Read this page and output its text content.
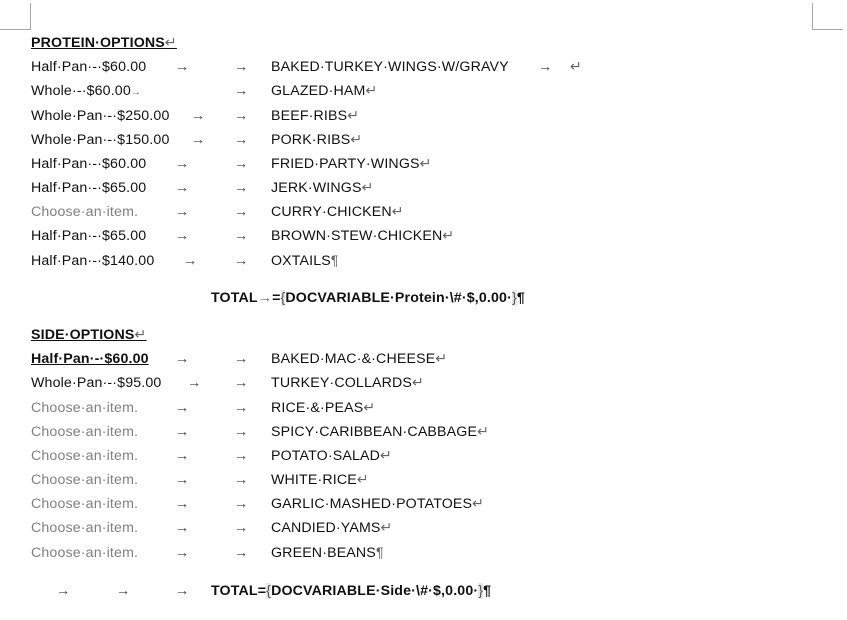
PROTEIN·OPTIONS↵
Half·Pan·-·$60.00 →	→ BAKED·TURKEY·WINGS·W/GRAVY → ↵
Whole·-·$60.00→	→ GLAZED·HAM↵
Whole·Pan·-·$250.00 → → BEEF·RIBS↵
Whole·Pan·-·$150.00 → → PORK·RIBS↵
Half·Pan·-·$60.00 →	→ FRIED·PARTY·WINGS↵
Half·Pan·-·$65.00 →	→ JERK·WINGS↵
Choose·an·item.	→	→ CURRY·CHICKEN↵
Half·Pan·-·$65.00 →	→ BROWN·STEW·CHICKEN↵
Half·Pan·-·$140.00 →	→ OXTAILS¶
TOTAL→={DOCVARIABLE·Protein·\#·$,0.00·}¶
SIDE·OPTIONS↵
Half·Pan·-·$60.00 →	→ BAKED·MAC·&·CHEESE↵
Whole·Pan·-·$95.00 → → TURKEY·COLLARDS↵
Choose·an·item.	→	→ RICE·&·PEAS↵
Choose·an·item.	→	→ SPICY·CARIBBEAN·CABBAGE↵
Choose·an·item.	→	→ POTATO·SALAD↵
Choose·an·item.	→	→ WHITE·RICE↵
Choose·an·item.	→	→ GARLIC·MASHED·POTATOES↵
Choose·an·item.	→	→ CANDIED·YAMS↵
Choose·an·item.	→	→ GREEN·BEANS¶
→	→	→ TOTAL={DOCVARIABLE·Side·\#·$,0.00·}¶
